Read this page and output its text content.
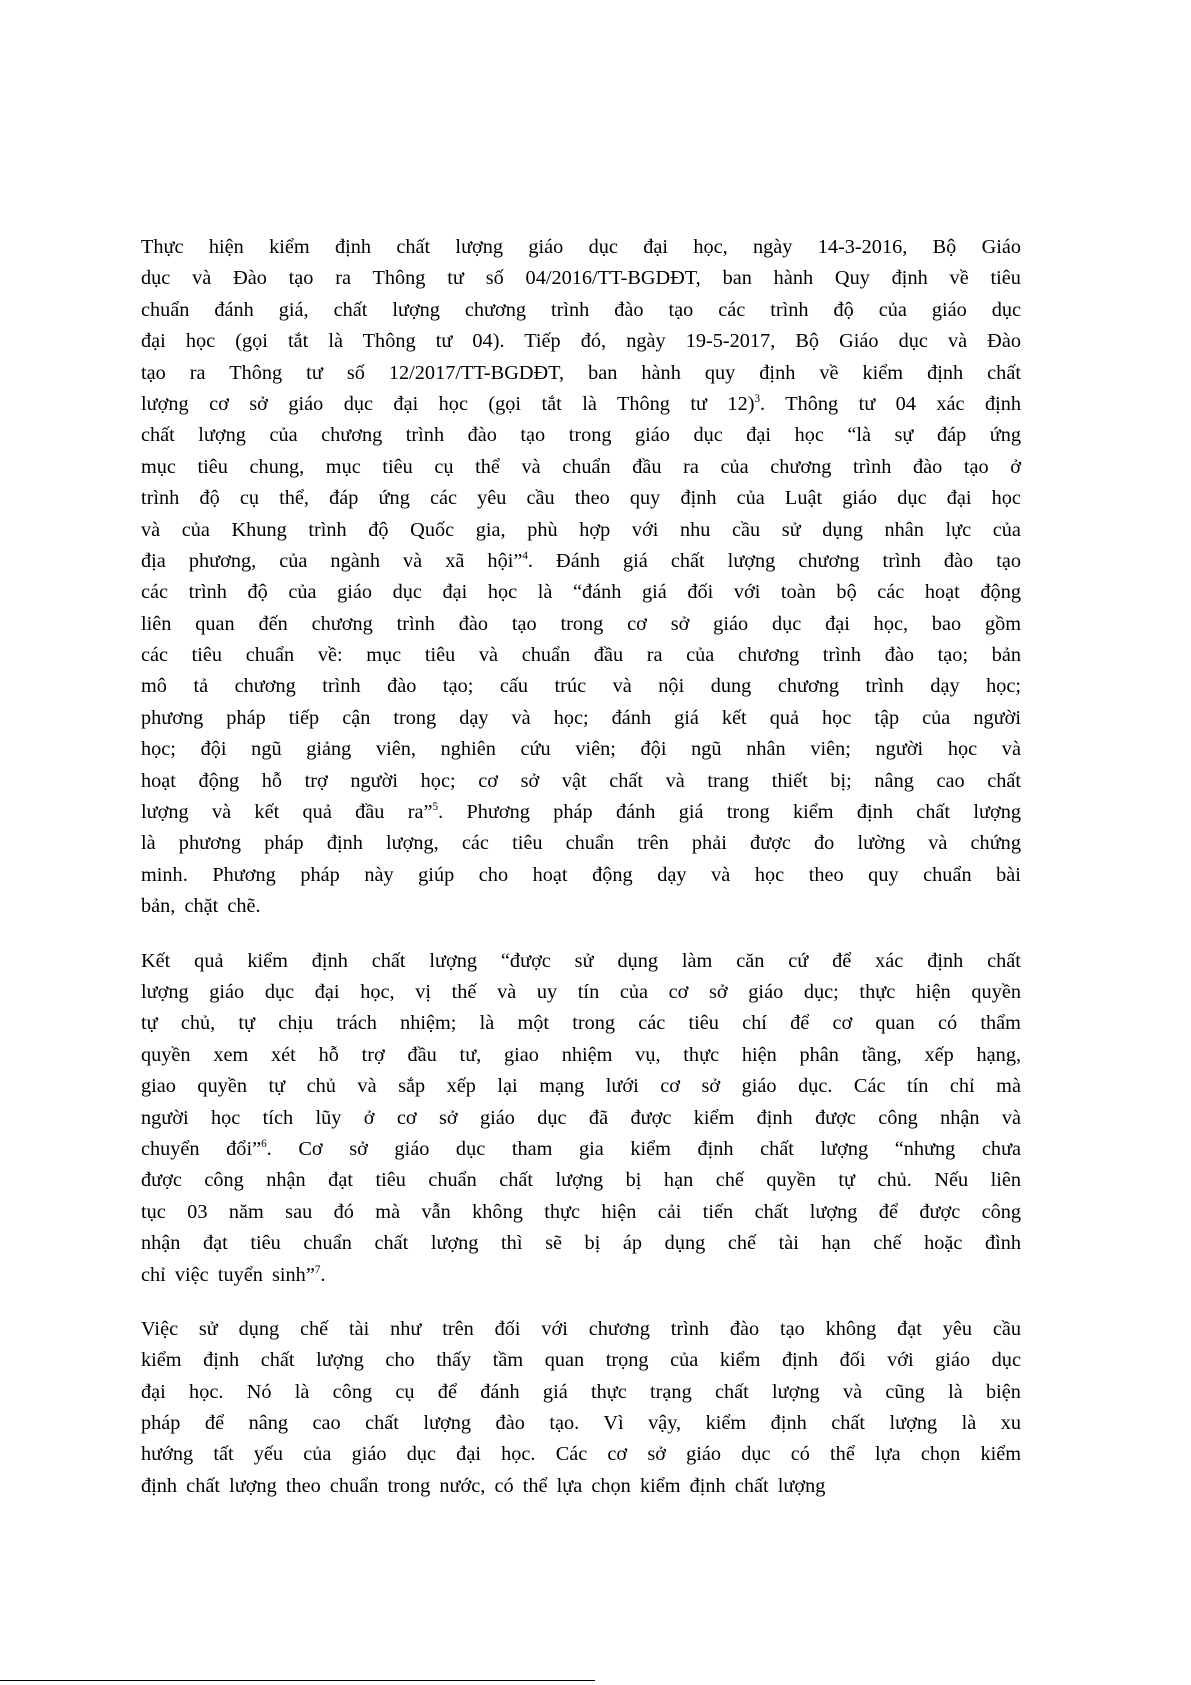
Thực hiện kiểm định chất lượng giáo dục đại học, ngày 14-3-2016, Bộ Giáo
dục và Đào tạo ra Thông tư số 04/2016/TT-BGDĐT, ban hành Quy định về tiêu
chuẩn đánh giá, chất lượng chương trình đào tạo các trình độ của giáo dục
đại học (gọi tắt là Thông tư 04). Tiếp đó, ngày 19-5-2017, Bộ Giáo dục và Đào
tạo ra Thông tư số 12/2017/TT-BGDĐT, ban hành quy định về kiểm định chất
lượng cơ sở giáo dục đại học (gọi tắt là Thông tư 12)$^3$. Thông tư 04 xác định
chất lượng của chương trình đào tạo trong giáo dục đại học “là sự đáp ứng
mục tiêu chung, mục tiêu cụ thể và chuẩn đầu ra của chương trình đào tạo ở
trình độ cụ thể, đáp ứng các yêu cầu theo quy định của Luật giáo dục đại học
và của Khung trình độ Quốc gia, phù hợp với nhu cầu sử dụng nhân lực của
địa phương, của ngành và xã hội”$^4$. Đánh giá chất lượng chương trình đào tạo
các trình độ của giáo dục đại học là “đánh giá đối với toàn bộ các hoạt động
liên quan đến chương trình đào tạo trong cơ sở giáo dục đại học, bao gồm
các tiêu chuẩn về: mục tiêu và chuẩn đầu ra của chương trình đào tạo; bản
mô tả chương trình đào tạo; cấu trúc và nội dung chương trình dạy học;
phương pháp tiếp cận trong dạy và học; đánh giá kết quả học tập của người
học; đội ngũ giảng viên, nghiên cứu viên; đội ngũ nhân viên; người học và
hoạt động hỗ trợ người học; cơ sở vật chất và trang thiết bị; nâng cao chất
lượng và kết quả đầu ra”$^5$. Phương pháp đánh giá trong kiểm định chất lượng
là phương pháp định lượng, các tiêu chuẩn trên phải được đo lường và chứng
minh. Phương pháp này giúp cho hoạt động dạy và học theo quy chuẩn bài
bản, chặt chẽ.

Kết quả kiểm định chất lượng “được sử dụng làm căn cứ để xác định chất
lượng giáo dục đại học, vị thế và uy tín của cơ sở giáo dục; thực hiện quyền
tự chủ, tự chịu trách nhiệm; là một trong các tiêu chí để cơ quan có thẩm
quyền xem xét hỗ trợ đầu tư, giao nhiệm vụ, thực hiện phân tầng, xếp hạng,
giao quyền tự chủ và sắp xếp lại mạng lưới cơ sở giáo dục. Các tín chỉ mà
người học tích lũy ở cơ sở giáo dục đã được kiểm định được công nhận và
chuyển đổi”$^6$. Cơ sở giáo dục tham gia kiểm định chất lượng “nhưng chưa
được công nhận đạt tiêu chuẩn chất lượng bị hạn chế quyền tự chủ. Nếu liên
tục 03 năm sau đó mà vẫn không thực hiện cải tiến chất lượng để được công
nhận đạt tiêu chuẩn chất lượng thì sẽ bị áp dụng chế tài hạn chế hoặc đình
chỉ việc tuyển sinh”$^7$.

Việc sử dụng chế tài như trên đối với chương trình đào tạo không đạt yêu cầu
kiểm định chất lượng cho thấy tầm quan trọng của kiểm định đối với giáo dục
đại học. Nó là công cụ để đánh giá thực trạng chất lượng và cũng là biện
pháp để nâng cao chất lượng đào tạo. Vì vậy, kiểm định chất lượng là xu
hướng tất yếu của giáo dục đại học. Các cơ sở giáo dục có thể lựa chọn kiểm
định chất lượng theo chuẩn trong nước, có thể lựa chọn kiểm định chất lượng
